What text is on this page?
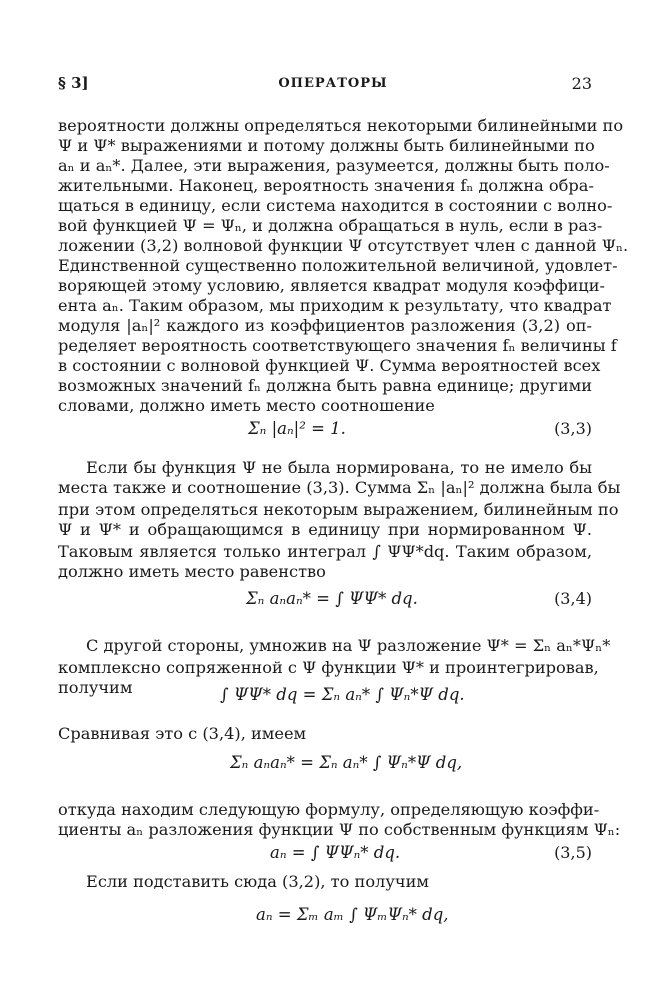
§ 3]	ОПЕРАТОРЫ	23
вероятности должны определяться некоторыми билинейными по
Ψ и Ψ* выражениями и потому должны быть билинейными по
aₙ и aₙ*. Далее, эти выражения, разумеется, должны быть поло-
жительными. Наконец, вероятность значения fₙ должна обра-
щаться в единицу, если система находится в состоянии с волно-
вой функцией Ψ = Ψₙ, и должна обращаться в нуль, если в раз-
ложении (3,2) волновой функции Ψ отсутствует член с данной Ψₙ.
Единственной существенно положительной величиной, удовлет-
воряющей этому условию, является квадрат модуля коэффици-
ента aₙ. Таким образом, мы приходим к результату, что квадрат
модуля |aₙ|² каждого из коэффициентов разложения (3,2) оп-
ределяет вероятность соответствующего значения fₙ величины f
в состоянии с волновой функцией Ψ. Сумма вероятностей всех
возможных значений fₙ должна быть равна единице; другими
словами, должно иметь место соотношение
Σₙ |aₙ|² = 1.	(3,3)
Если бы функция Ψ не была нормирована, то не имело бы
места также и соотношение (3,3). Сумма Σₙ |aₙ|² должна была бы
при этом определяться некоторым выражением, билинейным по
Ψ и Ψ* и обращающимся в единицу при нормированном Ψ.
Таковым является только интеграл ∫ ΨΨ*dq. Таким образом,
должно иметь место равенство
Σₙ aₙaₙ* = ∫ ΨΨ* dq.	(3,4)
С другой стороны, умножив на Ψ разложение Ψ* = Σₙ aₙ*Ψₙ*
комплексно сопряженной с Ψ функции Ψ* и проинтегрировав,
получим	∫ ΨΨ* dq = Σₙ aₙ* ∫ Ψₙ*Ψ dq.
Сравнивая это с (3,4), имеем
Σₙ aₙaₙ* = Σₙ aₙ* ∫ Ψₙ*Ψ dq,
откуда находим следующую формулу, определяющую коэффи-
циенты aₙ разложения функции Ψ по собственным функциям Ψₙ:
aₙ = ∫ ΨΨₙ* dq.	(3,5)
Если подставить сюда (3,2), то получим
aₙ = Σₘ aₘ ∫ ΨₘΨₙ* dq,
